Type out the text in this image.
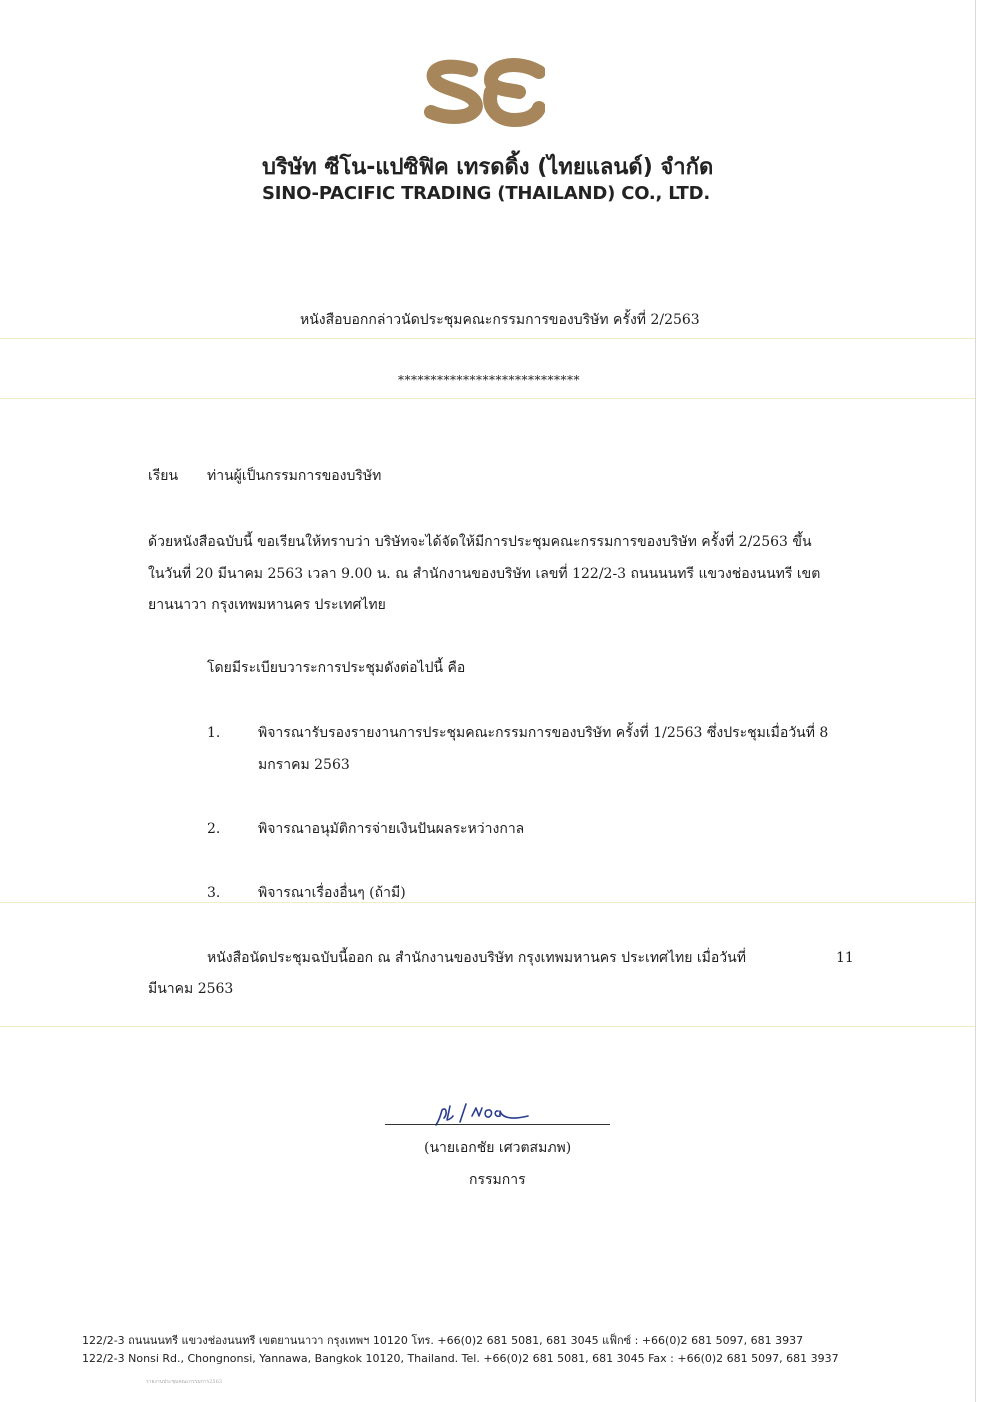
บริษัท ซีโน-แปซิฟิค เทรดดิ้ง (ไทยแลนด์) จำกัด
SINO-PACIFIC TRADING (THAILAND) CO., LTD.
หนังสือบอกกล่าวนัดประชุมคณะกรรมการของบริษัท ครั้งที่ 2/2563
****************************
เรียน ท่านผู้เป็นกรรมการของบริษัท
ด้วยหนังสือฉบับนี้ ขอเรียนให้ทราบว่า บริษัทจะได้จัดให้มีการประชุมคณะกรรมการของบริษัท ครั้งที่ 2/2563 ขึ้น
ในวันที่ 20 มีนาคม 2563 เวลา 9.00 น. ณ สำนักงานของบริษัท เลขที่ 122/2-3 ถนนนนทรี แขวงช่องนนทรี เขต
ยานนาวา กรุงเทพมหานคร ประเทศไทย
โดยมีระเบียบวาระการประชุมดังต่อไปนี้ คือ
1.	พิจารณารับรองรายงานการประชุมคณะกรรมการของบริษัท ครั้งที่ 1/2563 ซึ่งประชุมเมื่อวันที่ 8
มกราคม 2563
2.	พิจารณาอนุมัติการจ่ายเงินปันผลระหว่างกาล
3.	พิจารณาเรื่องอื่นๆ (ถ้ามี)
หนังสือนัดประชุมฉบับนี้ออก ณ สำนักงานของบริษัท กรุงเทพมหานคร ประเทศไทย เมื่อวันที่	11
มีนาคม 2563
(นายเอกชัย เศวตสมภพ)
กรรมการ
122/2-3 ถนนนนทรี แขวงช่องนนทรี เขตยานนาวา กรุงเทพฯ 10120 โทร. +66(0)2 681 5081, 681 3045 แฟ็กซ์ : +66(0)2 681 5097, 681 3937
122/2-3 Nonsi Rd., Chongnonsi, Yannawa, Bangkok 10120, Thailand. Tel. +66(0)2 681 5081, 681 3045 Fax : +66(0)2 681 5097, 681 3937
รายงานประชุมคณะกรรมการ2563
